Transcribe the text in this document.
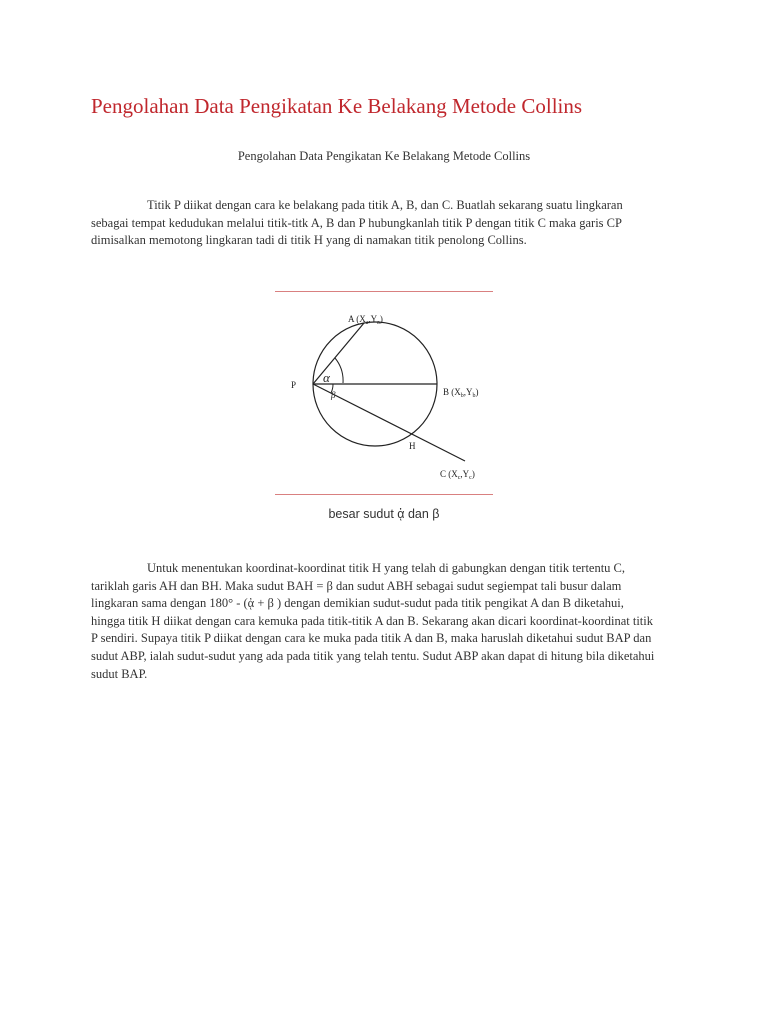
Pengolahan Data Pengikatan Ke Belakang Metode Collins

Pengolahan Data Pengikatan Ke Belakang Metode Collins

Titik P diikat dengan cara ke belakang pada titik A, B, dan C. Buatlah sekarang suatu lingkaran sebagai tempat kedudukan melalui titik-titk A, B dan P hubungkanlah titik P dengan titik C maka garis CP dimisalkan memotong lingkaran tadi di titik H yang di namakan titik penolong Collins.

A $(X_a,Y_a)$
B $(X_b,Y_b)$
C $(X_c,Y_c)$
P
H
α
β
besar sudut ᾀ dan β

Untuk menentukan koordinat-koordinat titik H yang telah di gabungkan dengan titik tertentu C, tariklah garis AH dan BH. Maka sudut BAH = β dan sudut ABH sebagai sudut segiempat tali busur dalam lingkaran sama dengan 180° - (ᾀ + β ) dengan demikian sudut-sudut pada titik pengikat A dan B diketahui, hingga titik H diikat dengan cara kemuka pada titik-titik A dan B. Sekarang akan dicari koordinat-koordinat titik P sendiri. Supaya titik P diikat dengan cara ke muka pada titik A dan B, maka haruslah diketahui sudut BAP dan sudut ABP, ialah sudut-sudut yang ada pada titik yang telah tentu. Sudut ABP akan dapat di hitung bila diketahui sudut BAP.
